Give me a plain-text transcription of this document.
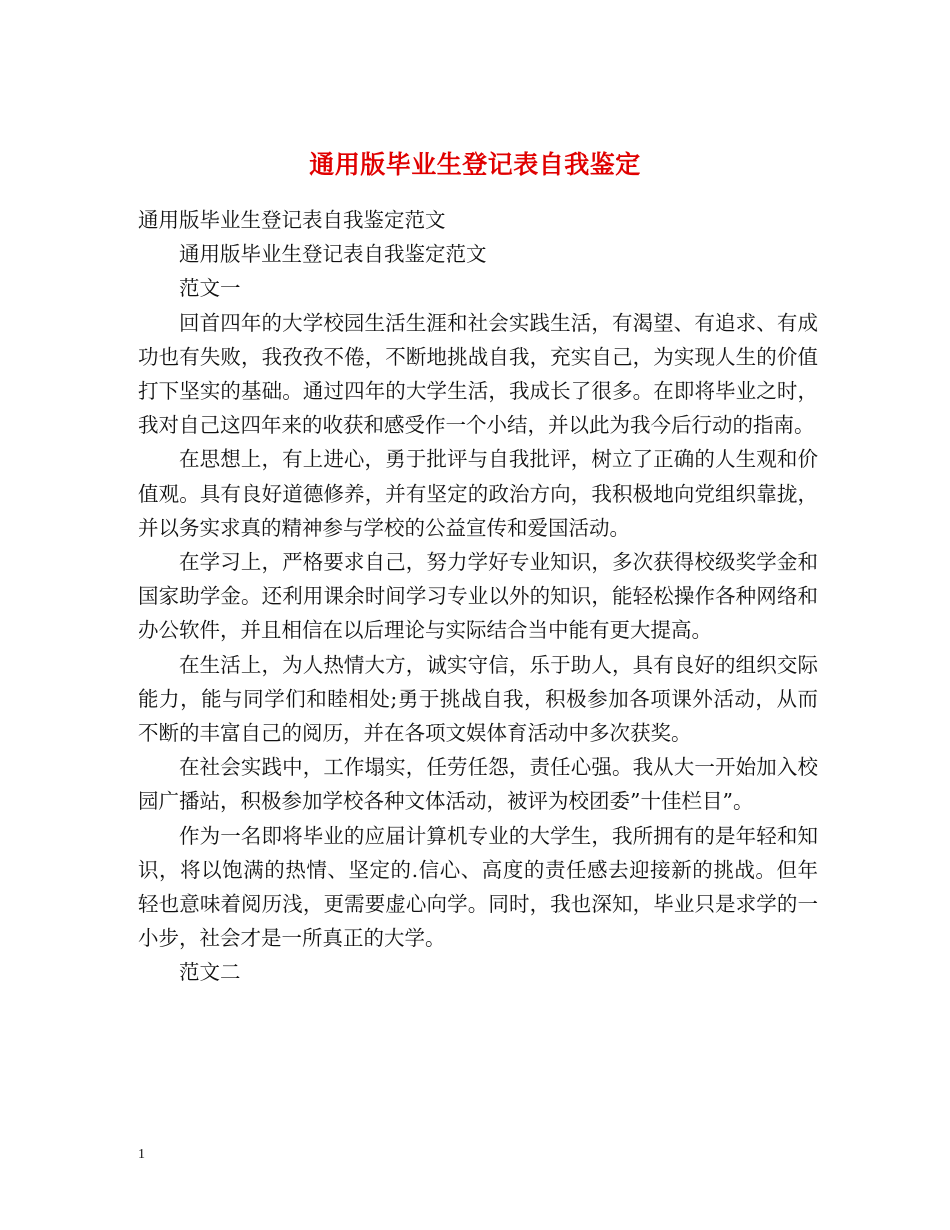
通用版毕业生登记表自我鉴定

通用版毕业生登记表自我鉴定范文

通用版毕业生登记表自我鉴定范文

范文一

回首四年的大学校园生活生涯和社会实践生活，有渴望、有追求、有成功也有失败，我孜孜不倦，不断地挑战自我，充实自己，为实现人生的价值打下坚实的基础。通过四年的大学生活，我成长了很多。在即将毕业之时，我对自己这四年来的收获和感受作一个小结，并以此为我今后行动的指南。

在思想上，有上进心，勇于批评与自我批评，树立了正确的人生观和价值观。具有良好道德修养，并有坚定的政治方向，我积极地向党组织靠拢，并以务实求真的精神参与学校的公益宣传和爱国活动。

在学习上，严格要求自己，努力学好专业知识，多次获得校级奖学金和国家助学金。还利用课余时间学习专业以外的知识，能轻松操作各种网络和办公软件，并且相信在以后理论与实际结合当中能有更大提高。

在生活上，为人热情大方，诚实守信，乐于助人，具有良好的组织交际能力，能与同学们和睦相处;勇于挑战自我，积极参加各项课外活动，从而不断的丰富自己的阅历，并在各项文娱体育活动中多次获奖。

在社会实践中，工作塌实，任劳任怨，责任心强。我从大一开始加入校园广播站，积极参加学校各种文体活动，被评为校团委”十佳栏目”。

作为一名即将毕业的应届计算机专业的大学生，我所拥有的是年轻和知识，将以饱满的热情、坚定的.信心、高度的责任感去迎接新的挑战。但年轻也意味着阅历浅，更需要虚心向学。同时，我也深知，毕业只是求学的一小步，社会才是一所真正的大学。

范文二

1
